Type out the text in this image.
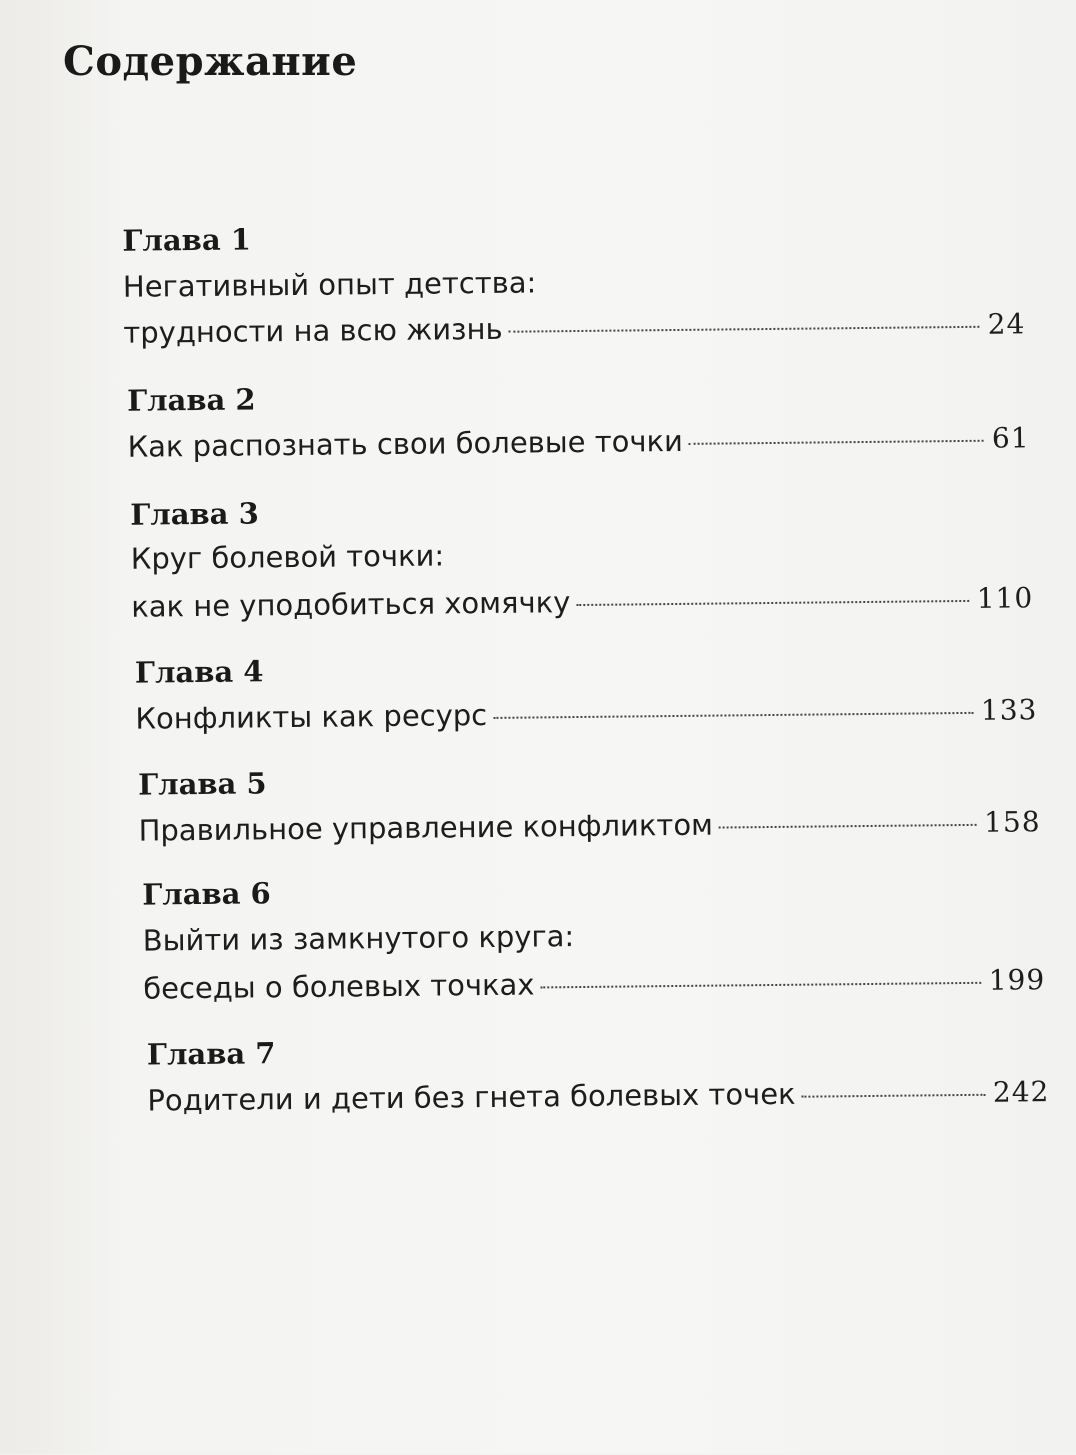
Содержание
Глава 1
Негативный опыт детства:
трудности на всю жизнь	24
Глава 2
Как распознать свои болевые точки	61
Глава 3
Круг болевой точки:
как не уподобиться хомячку	110
Глава 4
Конфликты как ресурс	133
Глава 5
Правильное управление конфликтом	158
Глава 6
Выйти из замкнутого круга:
беседы о болевых точках	199
Глава 7
Родители и дети без гнета болевых точек	242
